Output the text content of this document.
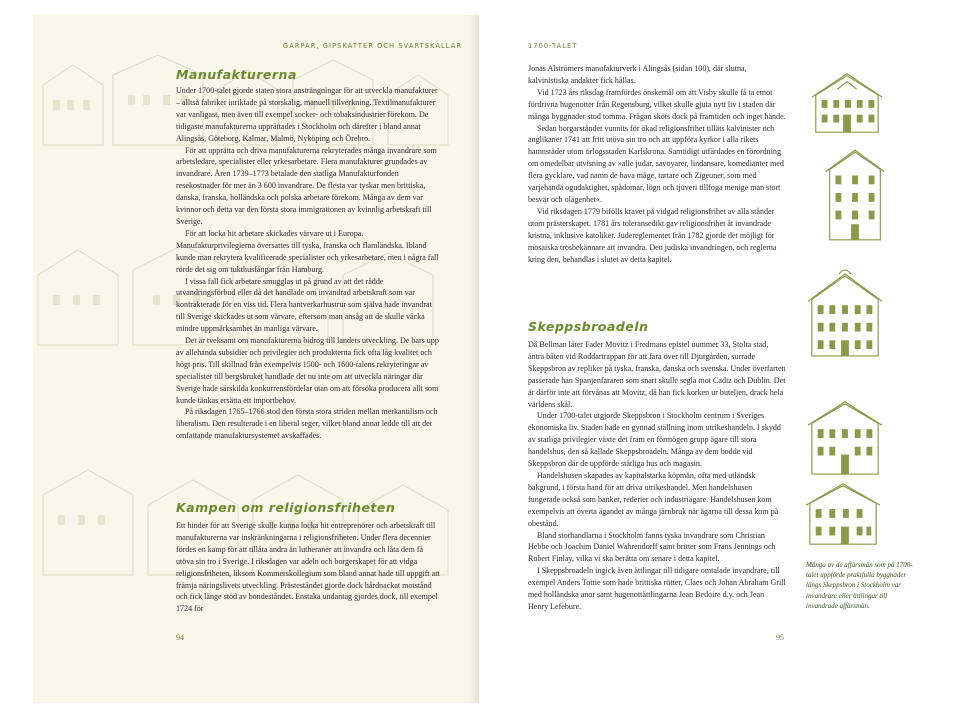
GARPAR, GIPSKATTER OCH SVARTSKALLAR
Manufakturerna

Under 1700-talet gjorde staten stora ansträngningar för att utveckla manufakturer – alltså fabriker inriktade på storskalig, manuell tillverkning. Textilmanufakturer var vanligast, men även till exempel socker- och tobaksindustrier förekom. De tidigaste manufakturerna upprättades i Stockholm och därefter i bland annat Alingsås, Göteborg, Kalmar, Malmö, Nyköping och Örebro.

För att upprätta och driva manufakturerna rekryterades många invandrare som arbetsledare, specialister eller yrkesarbetare. Flera manufakturer grundades av invandrare. Åren 1739–1773 betalade den statliga Manufakturfonden resekostnader för mer än 3 600 invandrare. De flesta var tyskar men brittiska, danska, franska, holländska och polska arbetare förekom. Många av dem var kvinnor och detta var den första stora immigrationen av kvinnlig arbetskraft till Sverige.

För att locka hit arbetare skickades värvare ut i Europa. Manufakturprivilegierna översattes till tyska, franska och flamländska. Ibland kunde man rekrytera kvalificerade specialister och yrkesarbetare, men i några fall rörde det sig om tukthusfångar från Hamburg.

I vissa fall fick arbetare smugglas ut på grund av att det rådde utvandringsförbud eller då det handlade om invandrad arbetskraft som var kontrakterade för en viss tid. Flera hantverkarhustrur som själva hade invandrat till Sverige skickades ut som värvare, eftersom man ansåg att de skulle väcka mindre uppmärksamhet än manliga värvare.

Det är tveksamt om manufakturerna bidrog till landets utveckling. De bars upp av allehanda subsidier och privilegier och produkterna fick ofta låg kvalitet och högt pris. Till skillnad från exempelvis 1500- och 1600-talens rekryteringar av specialister till bergsbruket handlade det nu inte om att utveckla näringar där Sverige hade särskilda konkurrensfördelar utan om att försöka producera allt som kunde tänkas ersätta ett importbehov.

På riksdagen 1765–1766 stod den första stora striden mellan merkantilism och liberalism. Den resulterade i en liberal seger, vilket bland annat ledde till att det omfattande manufaktursystemet avskaffades.

Kampen om religionsfriheten

Ett hinder för att Sverige skulle kunna locka hit entreprenörer och arbetskraft till manufakturerna var inskränkningarna i religionsfriheten. Under flera decennier fördes en kamp för att tillåta andra än lutheraner att invandra och låta dem få utöva sin tro i Sverige. I riksdagen var adeln och borgerskapet för att vidga religionsfriheten, liksom Kommerskollegium som bland annat hade till uppgift att främja näringslivets utveckling. Prästeståndet gjorde dock hårdnackat motstånd och fick länge stöd av bondeståndet. Enstaka undantag gjordes dock, till exempel 1724 för

94
1700-TALET

Jonas Alströmers manufakturverk i Alingsås (sidan 100), där slutna, kalvinistiska andakter fick hållas.

Vid 1723 års riksdag framfördes önskemål om att Visby skulle få ta emot fördrivna hugenotter från Regensburg, vilket skulle gjuta nytt liv i staden där många byggnader stod tomma. Frågan sköts dock på framtiden och inget hände.

Sedan borgarståndet vunnits för ökad religionsfrihet tilläts kalvinister och anglikaner 1741 att fritt utöva sin tro och att uppföra kyrkor i alla rikets hamnstäder utom örlogsstaden Karlskrona. Samtidigt utfärdades en förordning om omedelbar utvisning av »alle judar, savoyarer, lindansare, komedianter med flera gycklare, vad namn de hava måge, tartare och Zigeuner, som med varjehanda ogudaktighet, spådomar, lögn och tjuveri tillfoga menige man stort besvär och olägenhet«.

Vid riksdagen 1779 bifölls kravet på vidgad religionsfrihet av alla stånder utom prästerskapet. 1781 års toleransedikt gav religionsfrihet åt invandrade kristna, inklusive katoliker. Judereglementet från 1782 gjorde det möjligt för mosaiska trosbekännare att invandra. Den judiska invandringen, och reglerna kring den, behandlas i slutet av detta kapitel.

Skeppsbroadeln

Då Bellman låter Fader Movitz i Fredmans epistel nummer 33, Stolta stad, äntra båten vid Roddartrappan för att fara över till Djurgården, surrade Skeppsbron av repliker på tyska, franska, danska och svenska. Under överfarten passerade han Spanjenfararen som snart skulle segla mot Cadiz och Dublin. Det är därför inte att förvånas att Movitz, då han fick korken ur buteljen, drack hela världens skål.

Under 1700-talet utgjorde Skeppsbron i Stockholm centrum i Sveriges ekonomiska liv. Staden hade en gynnad ställning inom utrikeshandeln. I skydd av statliga privilegier växte det fram en förmögen grupp ägare till stora handelshus, den så kallade Skeppsbroadeln. Många av dem bodde vid Skeppsbron där de uppförde ståtliga hus och magasin.

Handelshusen skapades av kapitalstarka köpmän, ofta med utländsk bakgrund, i första hand för att driva utrikeshandel. Men handelshusen fungerade också som banker, rederier och industriägare. Handelshusen kom exempelvis att överta ägandet av många järnbruk när ägarna till dessa kom på obestånd.

Bland storhandlarna i Stockholm fanns tyska invandrare som Christian Hebbe och Joachim Daniel Wahrendorff samt britter som Frans Jennings och Robert Finlay, vilka vi ska berätta om senare i detta kapitel.

I Skeppsbroadeln ingick även ättlingar till tidigare omtalade invandrare, till exempel Anders Tottie som hade brittiska rötter, Claes och Johan Abraham Grill med holländska anor samt hugenottättlingarna Jean Bedoire d.y. och Jean Henry Lefebure.

95
Många av de affärsmän som på 1700-talet uppförde praktfulla byggnader längs Skeppsbron i Stockholm var invandrare eller ättlingar till invandrade affärsmän.
